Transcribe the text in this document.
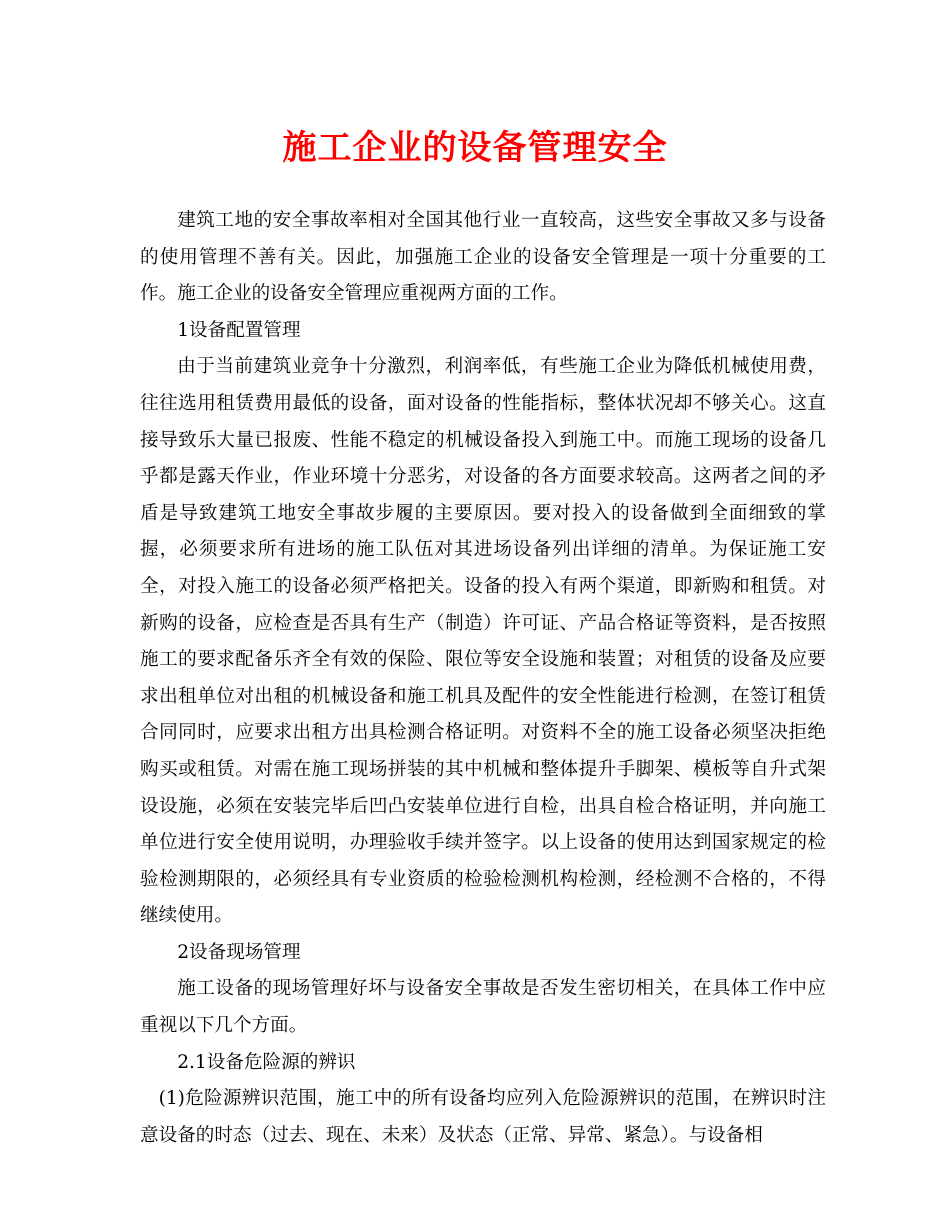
施工企业的设备管理安全

建筑工地的安全事故率相对全国其他行业一直较高，这些安全事故又多与设备的使用管理不善有关。因此，加强施工企业的设备安全管理是一项十分重要的工作。施工企业的设备安全管理应重视两方面的工作。

1设备配置管理

由于当前建筑业竞争十分激烈，利润率低，有些施工企业为降低机械使用费，往往选用租赁费用最低的设备，面对设备的性能指标，整体状况却不够关心。这直接导致乐大量已报废、性能不稳定的机械设备投入到施工中。而施工现场的设备几乎都是露天作业，作业环境十分恶劣，对设备的各方面要求较高。这两者之间的矛盾是导致建筑工地安全事故步履的主要原因。要对投入的设备做到全面细致的掌握，必须要求所有进场的施工队伍对其进场设备列出详细的清单。为保证施工安全，对投入施工的设备必须严格把关。设备的投入有两个渠道，即新购和租赁。对新购的设备，应检查是否具有生产（制造）许可证、产品合格证等资料，是否按照施工的要求配备乐齐全有效的保险、限位等安全设施和装置；对租赁的设备及应要求出租单位对出租的机械设备和施工机具及配件的安全性能进行检测，在签订租赁合同同时，应要求出租方出具检测合格证明。对资料不全的施工设备必须坚决拒绝购买或租赁。对需在施工现场拼装的其中机械和整体提升手脚架、模板等自升式架设设施，必须在安装完毕后凹凸安装单位进行自检，出具自检合格证明，并向施工单位进行安全使用说明，办理验收手续并签字。以上设备的使用达到国家规定的检验检测期限的，必须经具有专业资质的检验检测机构检测，经检测不合格的，不得继续使用。

2设备现场管理

施工设备的现场管理好坏与设备安全事故是否发生密切相关，在具体工作中应重视以下几个方面。

2.1设备危险源的辨识

(1)危险源辨识范围，施工中的所有设备均应列入危险源辨识的范围，在辨识时注意设备的时态（过去、现在、未来）及状态（正常、异常、紧急）。与设备相
